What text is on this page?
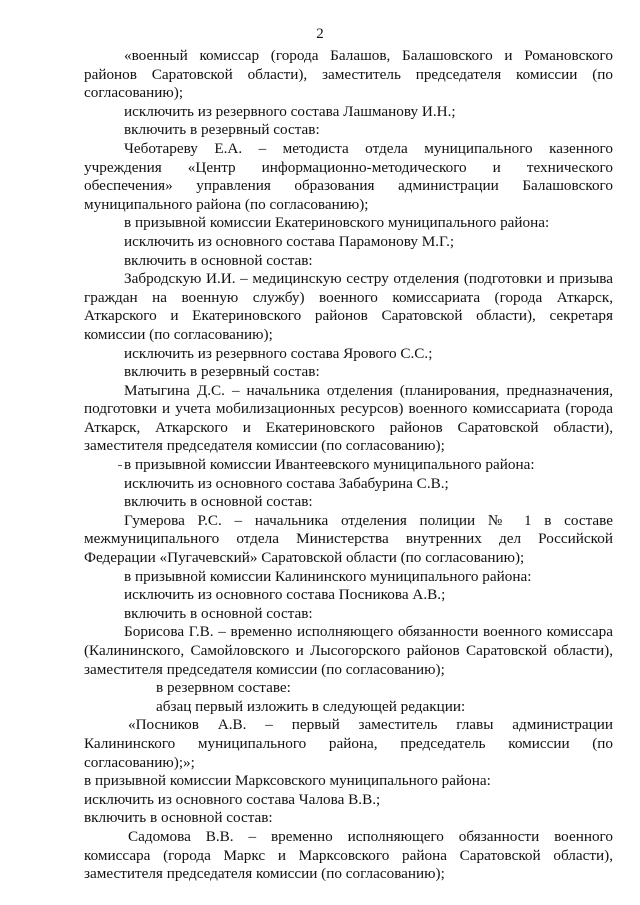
2

«военный комиссар (города Балашов, Балашовского и Романовского районов Саратовской области), заместитель председателя комиссии (по согласованию);

исключить из резервного состава Лашманову И.Н.;

включить в резервный состав:

Чеботареву Е.А. – методиста отдела муниципального казенного учреждения «Центр информационно-методического и технического обеспечения» управления образования администрации Балашовского муниципального района (по согласованию);

в призывной комиссии Екатериновского муниципального района:

исключить из основного состава Парамонову М.Г.;

включить в основной состав:

Забродскую И.И. – медицинскую сестру отделения (подготовки и призыва граждан на военную службу) военного комиссариата (города Аткарск, Аткарского и Екатериновского районов Саратовской области), секретаря комиссии (по согласованию);

исключить из резервного состава Ярового С.С.;

включить в резервный состав:

Матыгина Д.С. – начальника отделения (планирования, предназначения, подготовки и учета мобилизационных ресурсов) военного комиссариата (города Аткарск, Аткарского и Екатериновского районов Саратовской области), заместителя председателя комиссии (по согласованию);

в призывной комиссии Ивантеевского муниципального района:

исключить из основного состава Забабурина С.В.;

включить в основной состав:

Гумерова Р.С. – начальника отделения полиции № 1 в составе межмуниципального отдела Министерства внутренних дел Российской Федерации «Пугачевский» Саратовской области (по согласованию);

в призывной комиссии Калининского муниципального района:

исключить из основного состава Посникова А.В.;

включить в основной состав:

Борисова Г.В. – временно исполняющего обязанности военного комиссара (Калининского, Самойловского и Лысогорского районов Саратовской области), заместителя председателя комиссии (по согласованию);

в резервном составе:

абзац первый изложить в следующей редакции:

«Посников А.В. – первый заместитель главы администрации Калининского муниципального района, председатель комиссии (по согласованию);»;

в призывной комиссии Марксовского муниципального района:

исключить из основного состава Чалова В.В.;

включить в основной состав:

Садомова В.В. – временно исполняющего обязанности военного комиссара (города Маркс и Марксовского района Саратовской области), заместителя председателя комиссии (по согласованию);
